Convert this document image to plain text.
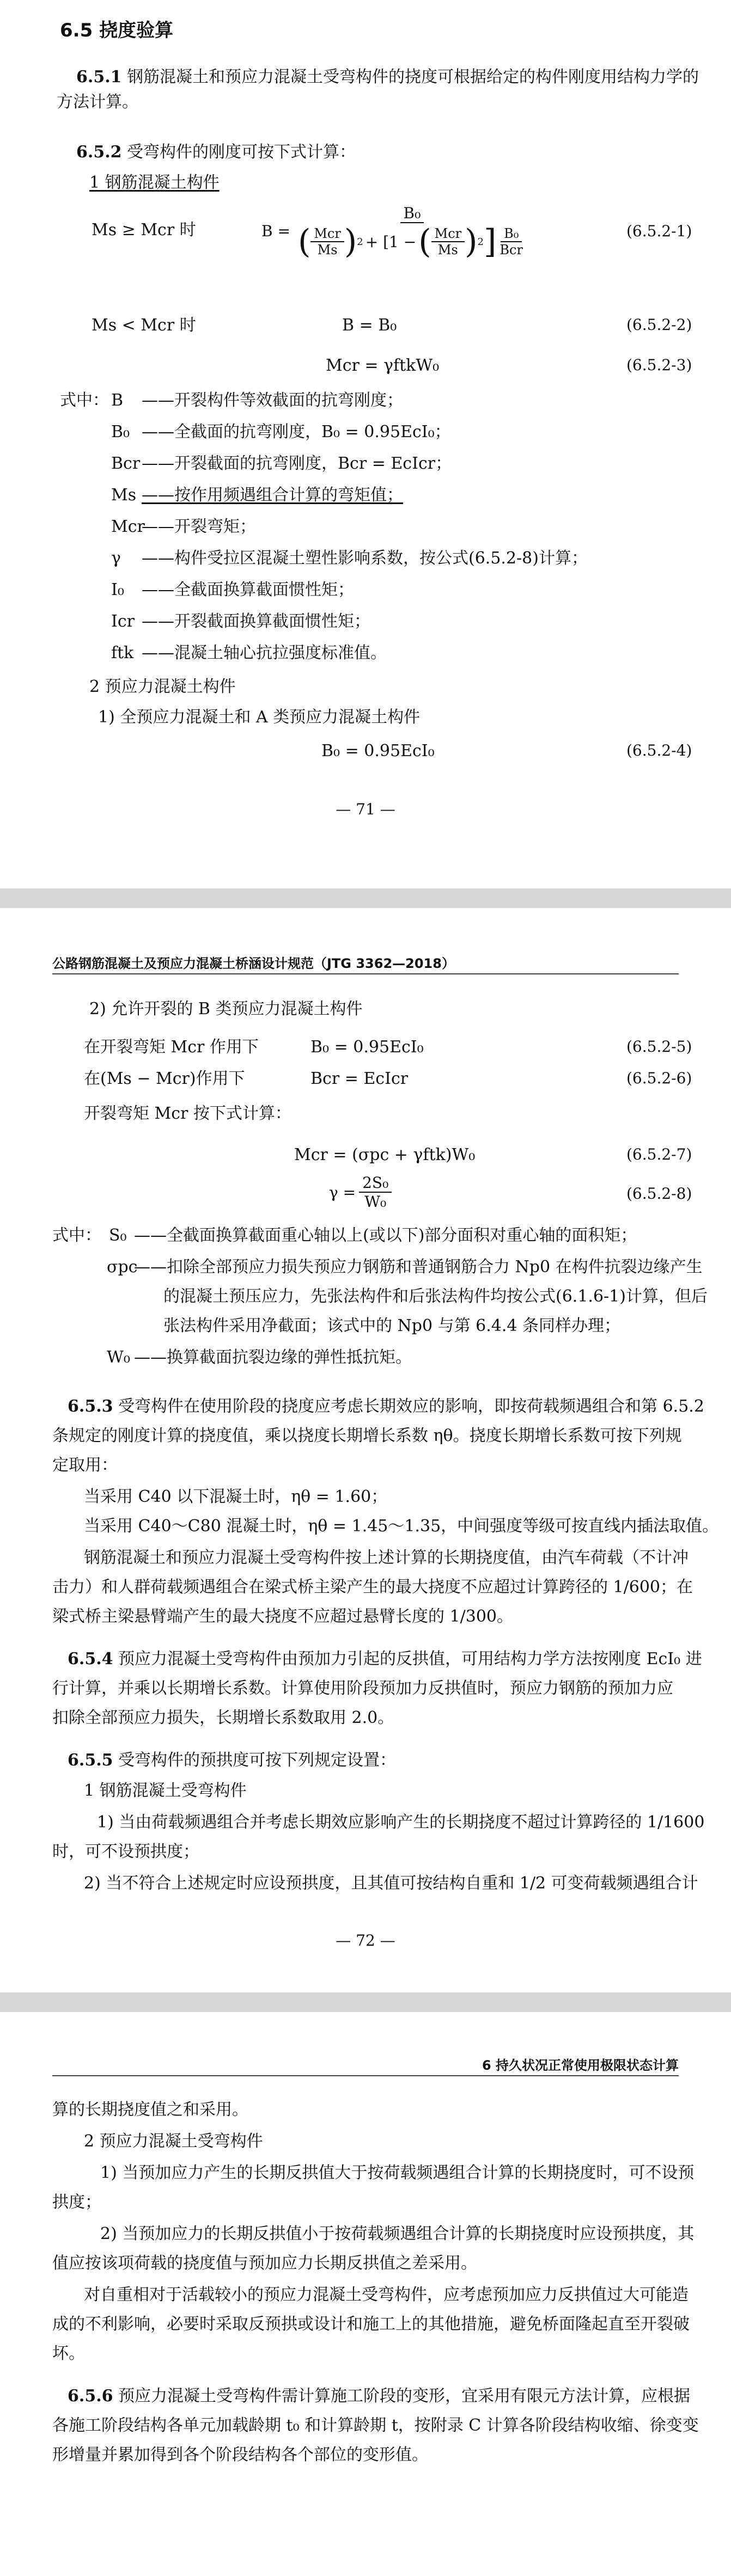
6.5 挠度验算
6.5.1 钢筋混凝土和预应力混凝土受弯构件的挠度可根据给定的构件刚度用结构力学的
方法计算。
6.5.2 受弯构件的刚度可按下式计算：
1 钢筋混凝土构件
Ms ≥ Mcr 时	B =
B₀
( $\frac{\text{Mcr}}{Ms}$ ) 2 + [1 − ( $\frac{\text{Mcr}}{Ms}$ ) 2 ] $\frac{\text{B₀}}{\text{Bcr}}$	(6.5.2-1)
Ms < Mcr 时	B = B₀	(6.5.2-2)
Mcr = γftkW₀	(6.5.2-3)
式中： B ——开裂构件等效截面的抗弯刚度；
B₀ ——全截面的抗弯刚度，B₀ = 0.95EcI₀；
Bcr ——开裂截面的抗弯刚度，Bcr = EcIcr；
Ms ——按作用频遇组合计算的弯矩值；
Mcr
——开裂弯矩；
γ ——构件受拉区混凝土塑性影响系数，按公式(6.5.2-8)计算；
I₀ ——全截面换算截面惯性矩；
Icr ——开裂截面换算截面惯性矩；
ftk ——混凝土轴心抗拉强度标准值。
2 预应力混凝土构件
1) 全预应力混凝土和 A 类预应力混凝土构件
B₀ = 0.95EcI₀	(6.5.2-4)
— 71 —
公路钢筋混凝土及预应力混凝土桥涵设计规范（JTG 3362—2018）
2) 允许开裂的 B 类预应力混凝土构件
在开裂弯矩 Mcr 作用下	B₀ = 0.95EcI₀	(6.5.2-5)
在(Ms − Mcr)作用下	Bcr = EcIcr	(6.5.2-6)
开裂弯矩 Mcr 按下式计算：
Mcr = (σpc + γftk)W₀	(6.5.2-7)
$\gamma = \frac{\text{2S₀}}{\text{W₀}}$	(6.5.2-8)
式中： S₀ ——全截面换算截面重心轴以上(或以下)部分面积对重心轴的面积矩；
σpc
——扣除全部预应力损失预应力钢筋和普通钢筋合力 Np0 在构件抗裂边缘产生
的混凝土预压应力，先张法构件和后张法构件均按公式(6.1.6-1)计算，但后
张法构件采用净截面；该式中的 Np0 与第 6.4.4 条同样办理；
W₀ ——换算截面抗裂边缘的弹性抵抗矩。
6.5.3 受弯构件在使用阶段的挠度应考虑长期效应的影响，即按荷载频遇组合和第 6.5.2
条规定的刚度计算的挠度值，乘以挠度长期增长系数 ηθ。挠度长期增长系数可按下列规
定取用：
当采用 C40 以下混凝土时，ηθ = 1.60；
当采用 C40～C80 混凝土时，ηθ = 1.45～1.35，中间强度等级可按直线内插法取值。
钢筋混凝土和预应力混凝土受弯构件按上述计算的长期挠度值，由汽车荷载（不计冲
击力）和人群荷载频遇组合在梁式桥主梁产生的最大挠度不应超过计算跨径的 1/600；在
梁式桥主梁悬臂端产生的最大挠度不应超过悬臂长度的 1/300。
6.5.4 预应力混凝土受弯构件由预加力引起的反拱值，可用结构力学方法按刚度 EcI₀ 进
行计算，并乘以长期增长系数。计算使用阶段预加力反拱值时，预应力钢筋的预加力应
扣除全部预应力损失，长期增长系数取用 2.0。
6.5.5 受弯构件的预拱度可按下列规定设置：
1 钢筋混凝土受弯构件
1) 当由荷载频遇组合并考虑长期效应影响产生的长期挠度不超过计算跨径的 1/1600
时，可不设预拱度；
2) 当不符合上述规定时应设预拱度，且其值可按结构自重和 1/2 可变荷载频遇组合计
— 72 —
6 持久状况正常使用极限状态计算
算的长期挠度值之和采用。
2 预应力混凝土受弯构件
1) 当预加应力产生的长期反拱值大于按荷载频遇组合计算的长期挠度时，可不设预
拱度；
2) 当预加应力的长期反拱值小于按荷载频遇组合计算的长期挠度时应设预拱度，其
值应按该项荷载的挠度值与预加应力长期反拱值之差采用。
对自重相对于活载较小的预应力混凝土受弯构件，应考虑预加应力反拱值过大可能造
成的不利影响，必要时采取反预拱或设计和施工上的其他措施，避免桥面隆起直至开裂破
坏。
6.5.6 预应力混凝土受弯构件需计算施工阶段的变形，宜采用有限元方法计算，应根据
各施工阶段结构各单元加载龄期 t₀ 和计算龄期 t，按附录 C 计算各阶段结构收缩、徐变变
形增量并累加得到各个阶段结构各个部位的变形值。
